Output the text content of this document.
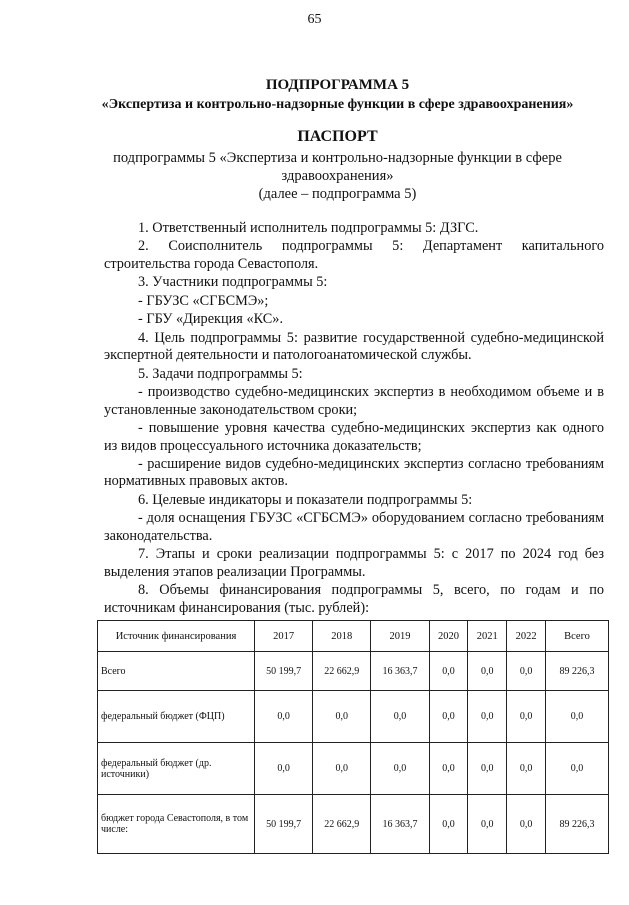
65
ПОДПРОГРАММА 5
«Экспертиза и контрольно-надзорные функции в сфере здравоохранения»
ПАСПОРТ
подпрограммы 5 «Экспертиза и контрольно-надзорные функции в сфере
здравоохранения»
(далее – подпрограмма 5)

1. Ответственный исполнитель подпрограммы 5: ДЗГС.

2. Соисполнитель подпрограммы 5: Департамент капитального строительства города Севастополя.

3. Участники подпрограммы 5:

- ГБУЗС «СГБСМЭ»;

- ГБУ «Дирекция «КС».

4. Цель подпрограммы 5: развитие государственной судебно-медицинской экспертной деятельности и патологоанатомической службы.

5. Задачи подпрограммы 5:

- производство судебно-медицинских экспертиз в необходимом объеме и в установленные законодательством сроки;

- повышение уровня качества судебно-медицинских экспертиз как одного из видов процессуального источника доказательств;

- расширение видов судебно-медицинских экспертиз согласно требованиям нормативных правовых актов.

6. Целевые индикаторы и показатели подпрограммы 5:

- доля оснащения ГБУЗС «СГБСМЭ» оборудованием согласно требованиям законодательства.

7. Этапы и сроки реализации подпрограммы 5: с 2017 по 2024 год без выделения этапов реализации Программы.

8. Объемы финансирования подпрограммы 5, всего, по годам и по источникам финансирования (тыс. рублей):

Источник финансирования	2017	2018	2019	2020	2021	2022	Всего
Всего	50 199,7	22 662,9	16 363,7	0,0	0,0	0,0	89 226,3
федеральный бюджет (ФЦП)	0,0	0,0	0,0	0,0	0,0	0,0	0,0
федеральный бюджет (др. источники)	0,0	0,0	0,0	0,0	0,0	0,0	0,0
бюджет города Севастополя, в том числе:	50 199,7	22 662,9	16 363,7	0,0	0,0	0,0	89 226,3
